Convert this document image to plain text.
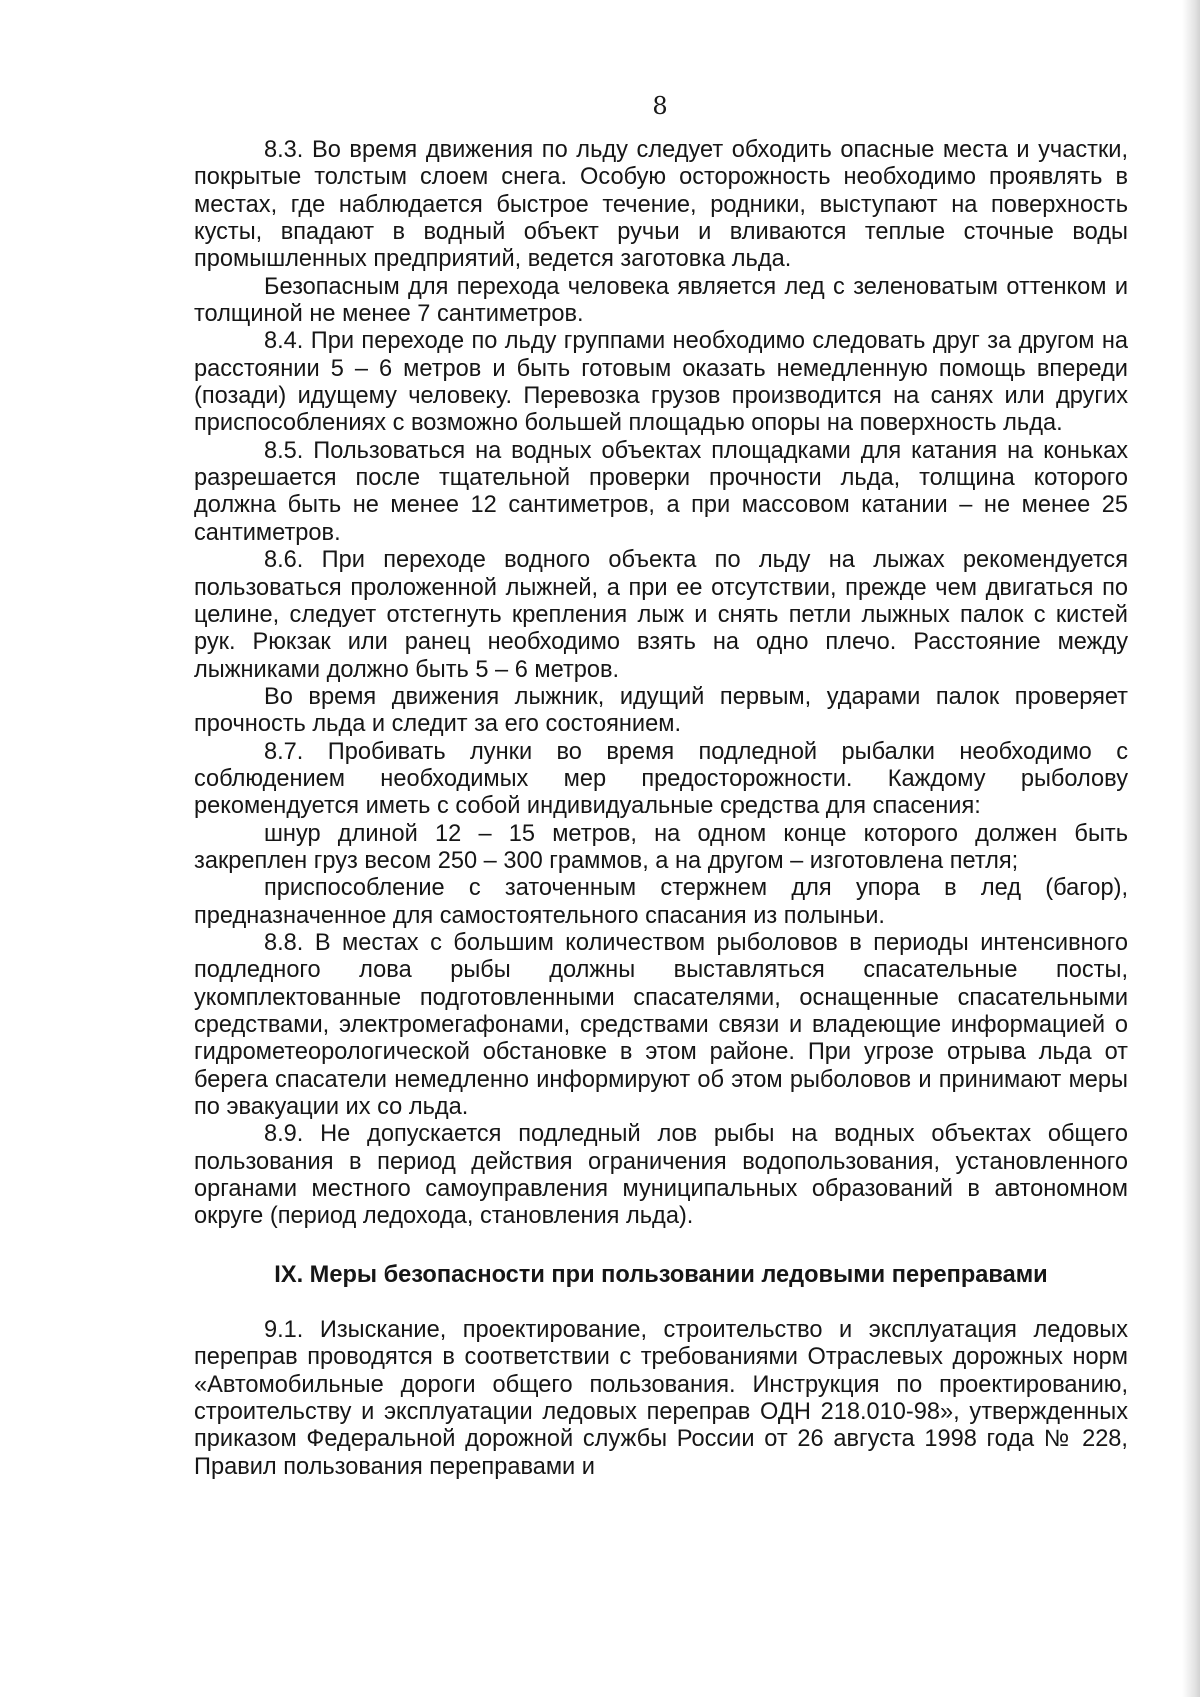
8

8.3. Во время движения по льду следует обходить опасные места и участки, покрытые толстым слоем снега. Особую осторожность необходимо проявлять в местах, где наблюдается быстрое течение, родники, выступают на поверхность кусты, впадают в водный объект ручьи и вливаются теплые сточные воды промышленных предприятий, ведется заготовка льда.

Безопасным для перехода человека является лед с зеленоватым оттенком и толщиной не менее 7 сантиметров.

8.4. При переходе по льду группами необходимо следовать друг за другом на расстоянии 5 – 6 метров и быть готовым оказать немедленную помощь впереди (позади) идущему человеку. Перевозка грузов производится на санях или других приспособлениях с возможно большей площадью опоры на поверхность льда.

8.5. Пользоваться на водных объектах площадками для катания на коньках разрешается после тщательной проверки прочности льда, толщина которого должна быть не менее 12 сантиметров, а при массовом катании – не менее 25 сантиметров.

8.6. При переходе водного объекта по льду на лыжах рекомендуется пользоваться проложенной лыжней, а при ее отсутствии, прежде чем двигаться по целине, следует отстегнуть крепления лыж и снять петли лыжных палок с кистей рук. Рюкзак или ранец необходимо взять на одно плечо. Расстояние между лыжниками должно быть 5 – 6 метров.

Во время движения лыжник, идущий первым, ударами палок проверяет прочность льда и следит за его состоянием.

8.7. Пробивать лунки во время подледной рыбалки необходимо с соблюдением необходимых мер предосторожности. Каждому рыболову рекомендуется иметь с собой индивидуальные средства для спасения:

шнур длиной 12 – 15 метров, на одном конце которого должен быть закреплен груз весом 250 – 300 граммов, а на другом – изготовлена петля;

приспособление с заточенным стержнем для упора в лед (багор), предназначенное для самостоятельного спасания из полыньи.

8.8. В местах с большим количеством рыболовов в периоды интенсивного подледного лова рыбы должны выставляться спасательные посты, укомплектованные подготовленными спасателями, оснащенные спасательными средствами, электромегафонами, средствами связи и владеющие информацией о гидрометеорологической обстановке в этом районе. При угрозе отрыва льда от берега спасатели немедленно информируют об этом рыболовов и принимают меры по эвакуации их со льда.

8.9. Не допускается подледный лов рыбы на водных объектах общего пользования в период действия ограничения водопользования, установленного органами местного самоуправления муниципальных образований в автономном округе (период ледохода, становления льда).

IX. Меры безопасности при пользовании ледовыми переправами

9.1. Изыскание, проектирование, строительство и эксплуатация ледовых переправ проводятся в соответствии с требованиями Отраслевых дорожных норм «Автомобильные дороги общего пользования. Инструкция по проектированию, строительству и эксплуатации ледовых переправ ОДН 218.010-98», утвержденных приказом Федеральной дорожной службы России от 26 августа 1998 года № 228, Правил пользования переправами и
